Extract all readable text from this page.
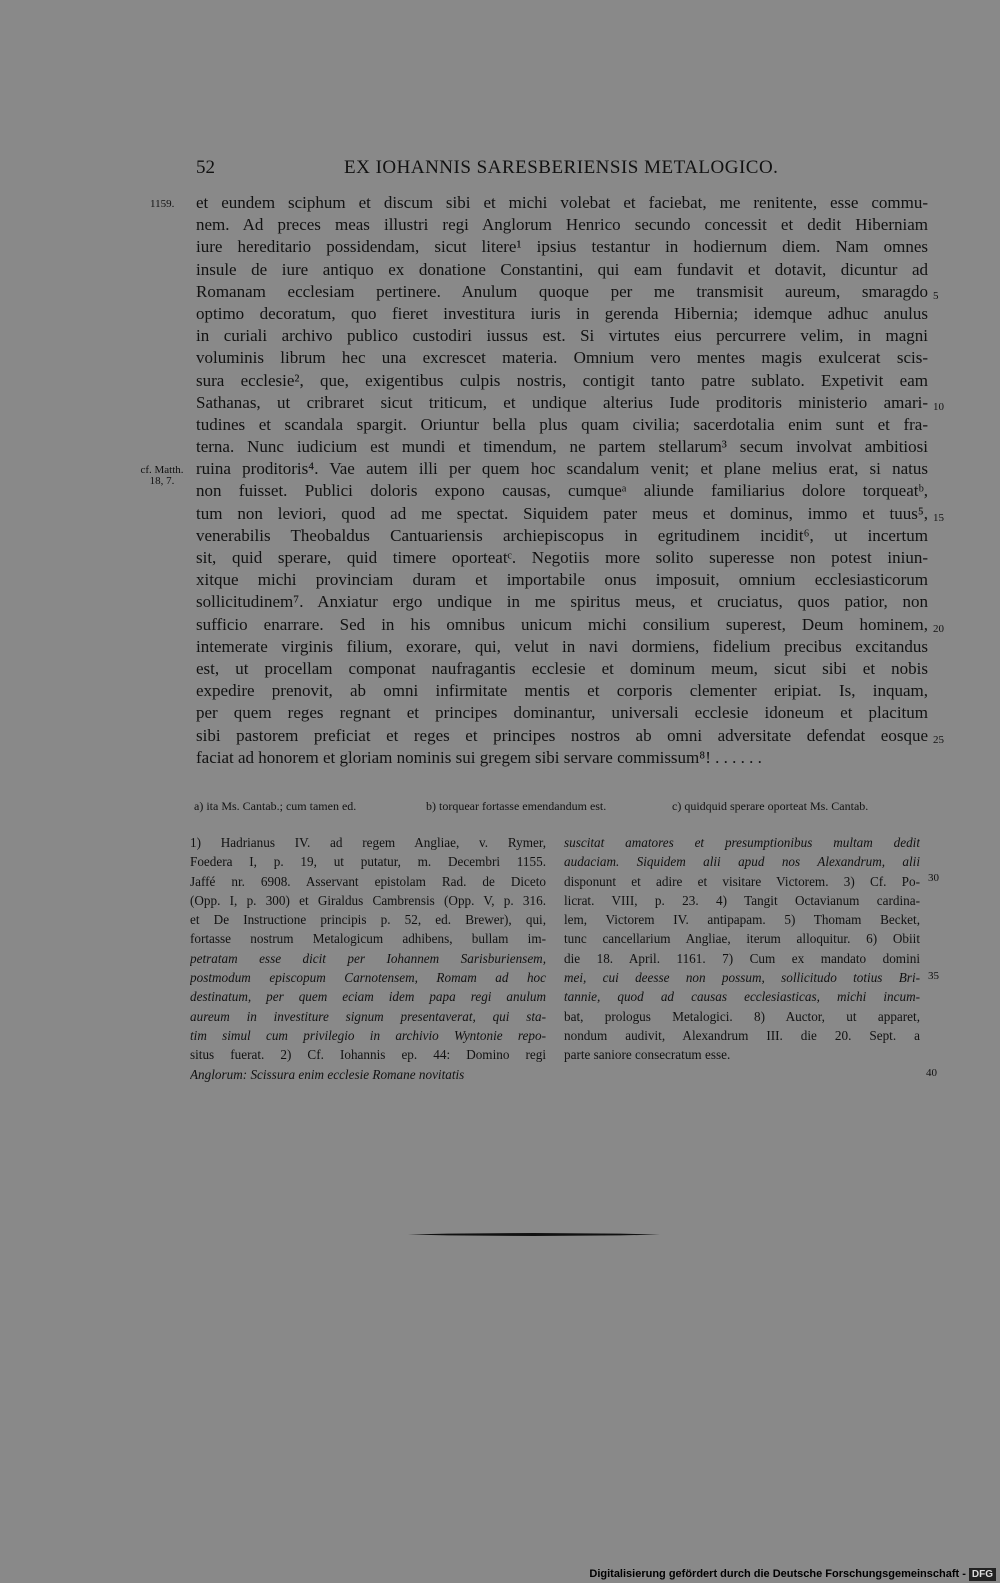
52	EX IOHANNIS SARESBERIENSIS METALOGICO.
1159.
cf. Matth.
18, 7.
5
10
15
20
25
et eundem sciphum et discum sibi et michi volebat et faciebat, me renitente, esse commu-
nem. Ad preces meas illustri regi Anglorum Henrico secundo concessit et dedit Hiberniam
iure hereditario possidendam, sicut litere¹ ipsius testantur in hodiernum diem. Nam omnes
insule de iure antiquo ex donatione Constantini, qui eam fundavit et dotavit, dicuntur ad
Romanam ecclesiam pertinere. Anulum quoque per me transmisit aureum, smaragdo
optimo decoratum, quo fieret investitura iuris in gerenda Hibernia; idemque adhuc anulus
in curiali archivo publico custodiri iussus est. Si virtutes eius percurrere velim, in magni
voluminis librum hec una excrescet materia. Omnium vero mentes magis exulcerat scis-
sura ecclesie², que, exigentibus culpis nostris, contigit tanto patre sublato. Expetivit eam
Sathanas, ut cribraret sicut triticum, et undique alterius Iude proditoris ministerio amari-
tudines et scandala spargit. Oriuntur bella plus quam civilia; sacerdotalia enim sunt et fra-
terna. Nunc iudicium est mundi et timendum, ne partem stellarum³ secum involvat ambitiosi
ruina proditoris⁴. Vae autem illi per quem hoc scandalum venit; et plane melius erat, si natus
non fuisset. Publici doloris expono causas, cumqueᵃ aliunde familiarius dolore torqueatᵇ,
tum non leviori, quod ad me spectat. Siquidem pater meus et dominus, immo et tuus⁵,
venerabilis Theobaldus Cantuariensis archiepiscopus in egritudinem incidit⁶, ut incertum
sit, quid sperare, quid timere oporteatᶜ. Negotiis more solito superesse non potest iniun-
xitque michi provinciam duram et importabile onus imposuit, omnium ecclesiasticorum
sollicitudinem⁷. Anxiatur ergo undique in me spiritus meus, et cruciatus, quos patior, non
sufficio enarrare. Sed in his omnibus unicum michi consilium superest, Deum hominem,
intemerate virginis filium, exorare, qui, velut in navi dormiens, fidelium precibus excitandus
est, ut procellam componat naufragantis ecclesie et dominum meum, sicut sibi et nobis
expedire prenovit, ab omni infirmitate mentis et corporis clementer eripiat. Is, inquam,
per quem reges regnant et principes dominantur, universali ecclesie idoneum et placitum
sibi pastorem preficiat et reges et principes nostros ab omni adversitate defendat eosque
faciat ad honorem et gloriam nominis sui gregem sibi servare commissum⁸! . . . . . .
a) ita Ms. Cantab.; cum tamen ed.	b) torquear fortasse emendandum est.	c) quidquid sperare oporteat Ms. Cantab.
1) Hadrianus IV. ad regem Angliae, v. Rymer,
Foedera I, p. 19, ut putatur, m. Decembri 1155.
Jaffé nr. 6908. Asservant epistolam Rad. de Diceto
(Opp. I, p. 300) et Giraldus Cambrensis (Opp. V, p. 316.
et De Instructione principis p. 52, ed. Brewer), qui,
fortasse nostrum Metalogicum adhibens, bullam im-
petratam esse dicit per Iohannem Sarisburiensem,
postmodum episcopum Carnotensem, Romam ad hoc
destinatum, per quem eciam idem papa regi anulum
aureum in investiture signum presentaverat, qui sta-
tim simul cum privilegio in archivio Wyntonie repo-
situs fuerat. 2) Cf. Iohannis ep. 44: Domino regi
Anglorum: Scissura enim ecclesie Romane novitatis
suscitat amatores et presumptionibus multam dedit
audaciam. Siquidem alii apud nos Alexandrum, alii
disponunt et adire et visitare Victorem. 3) Cf. Po-
licrat. VIII, p. 23. 4) Tangit Octavianum cardina-
lem, Victorem IV. antipapam. 5) Thomam Becket,
tunc cancellarium Angliae, iterum alloquitur. 6) Obiit
die 18. April. 1161. 7) Cum ex mandato domini
mei, cui deesse non possum, sollicitudo totius Bri-
tannie, quod ad causas ecclesiasticas, michi incum-
bat, prologus Metalogici. 8) Auctor, ut apparet,
nondum audivit, Alexandrum III. die 20. Sept. a
parte saniore consecratum esse.
30
35
40
Digitalisierung gefördert durch die Deutsche Forschungsgemeinschaft - DFG
